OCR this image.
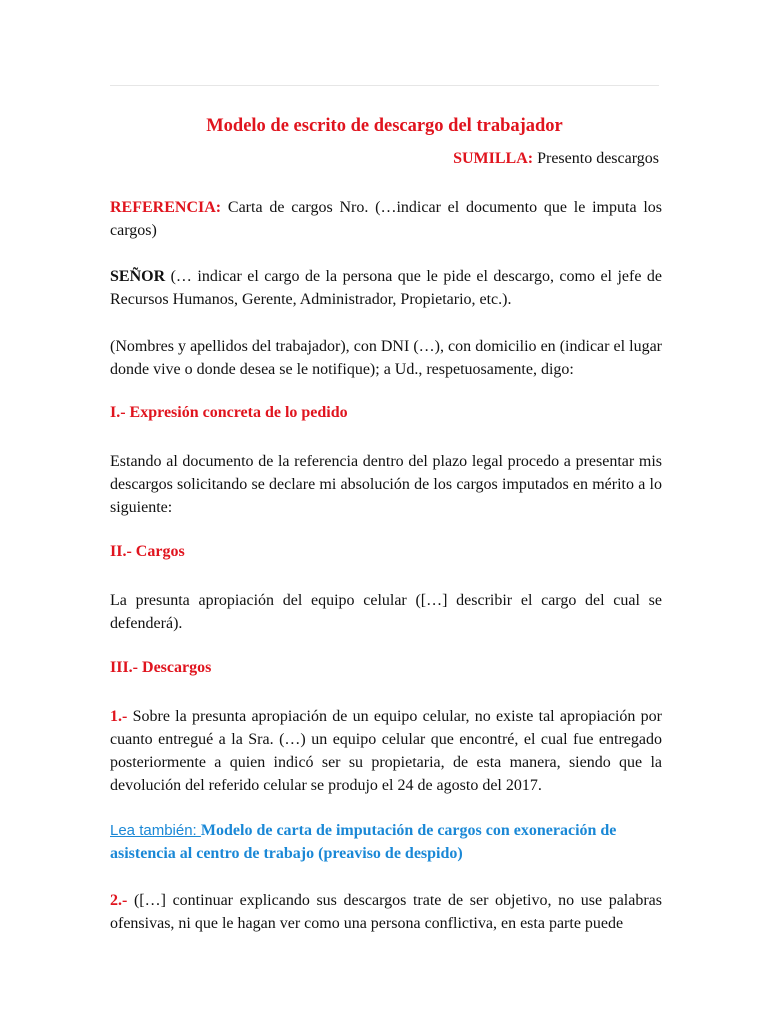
Modelo de escrito de descargo del trabajador
SUMILLA: Presento descargos

REFERENCIA: Carta de cargos Nro. (…indicar el documento que le imputa los cargos)

SEÑOR (… indicar el cargo de la persona que le pide el descargo, como el jefe de Recursos Humanos, Gerente, Administrador, Propietario, etc.).

(Nombres y apellidos del trabajador), con DNI (…), con domicilio en (indicar el lugar donde vive o donde desea se le notifique); a Ud., respetuosamente, digo:

I.- Expresión concreta de lo pedido

Estando al documento de la referencia dentro del plazo legal procedo a presentar mis descargos solicitando se declare mi absolución de los cargos imputados en mérito a lo siguiente:

II.- Cargos

La presunta apropiación del equipo celular ([…] describir el cargo del cual se defenderá).

III.- Descargos

1.- Sobre la presunta apropiación de un equipo celular, no existe tal apropiación por cuanto entregué a la Sra. (…) un equipo celular que encontré, el cual fue entregado posteriormente a quien indicó ser su propietaria, de esta manera, siendo que la devolución del referido celular se produjo el 24 de agosto del 2017.

Lea también: Modelo de carta de imputación de cargos con exoneración de asistencia al centro de trabajo (preaviso de despido)

2.- ([…] continuar explicando sus descargos trate de ser objetivo, no use palabras ofensivas, ni que le hagan ver como una persona conflictiva, en esta parte puede
